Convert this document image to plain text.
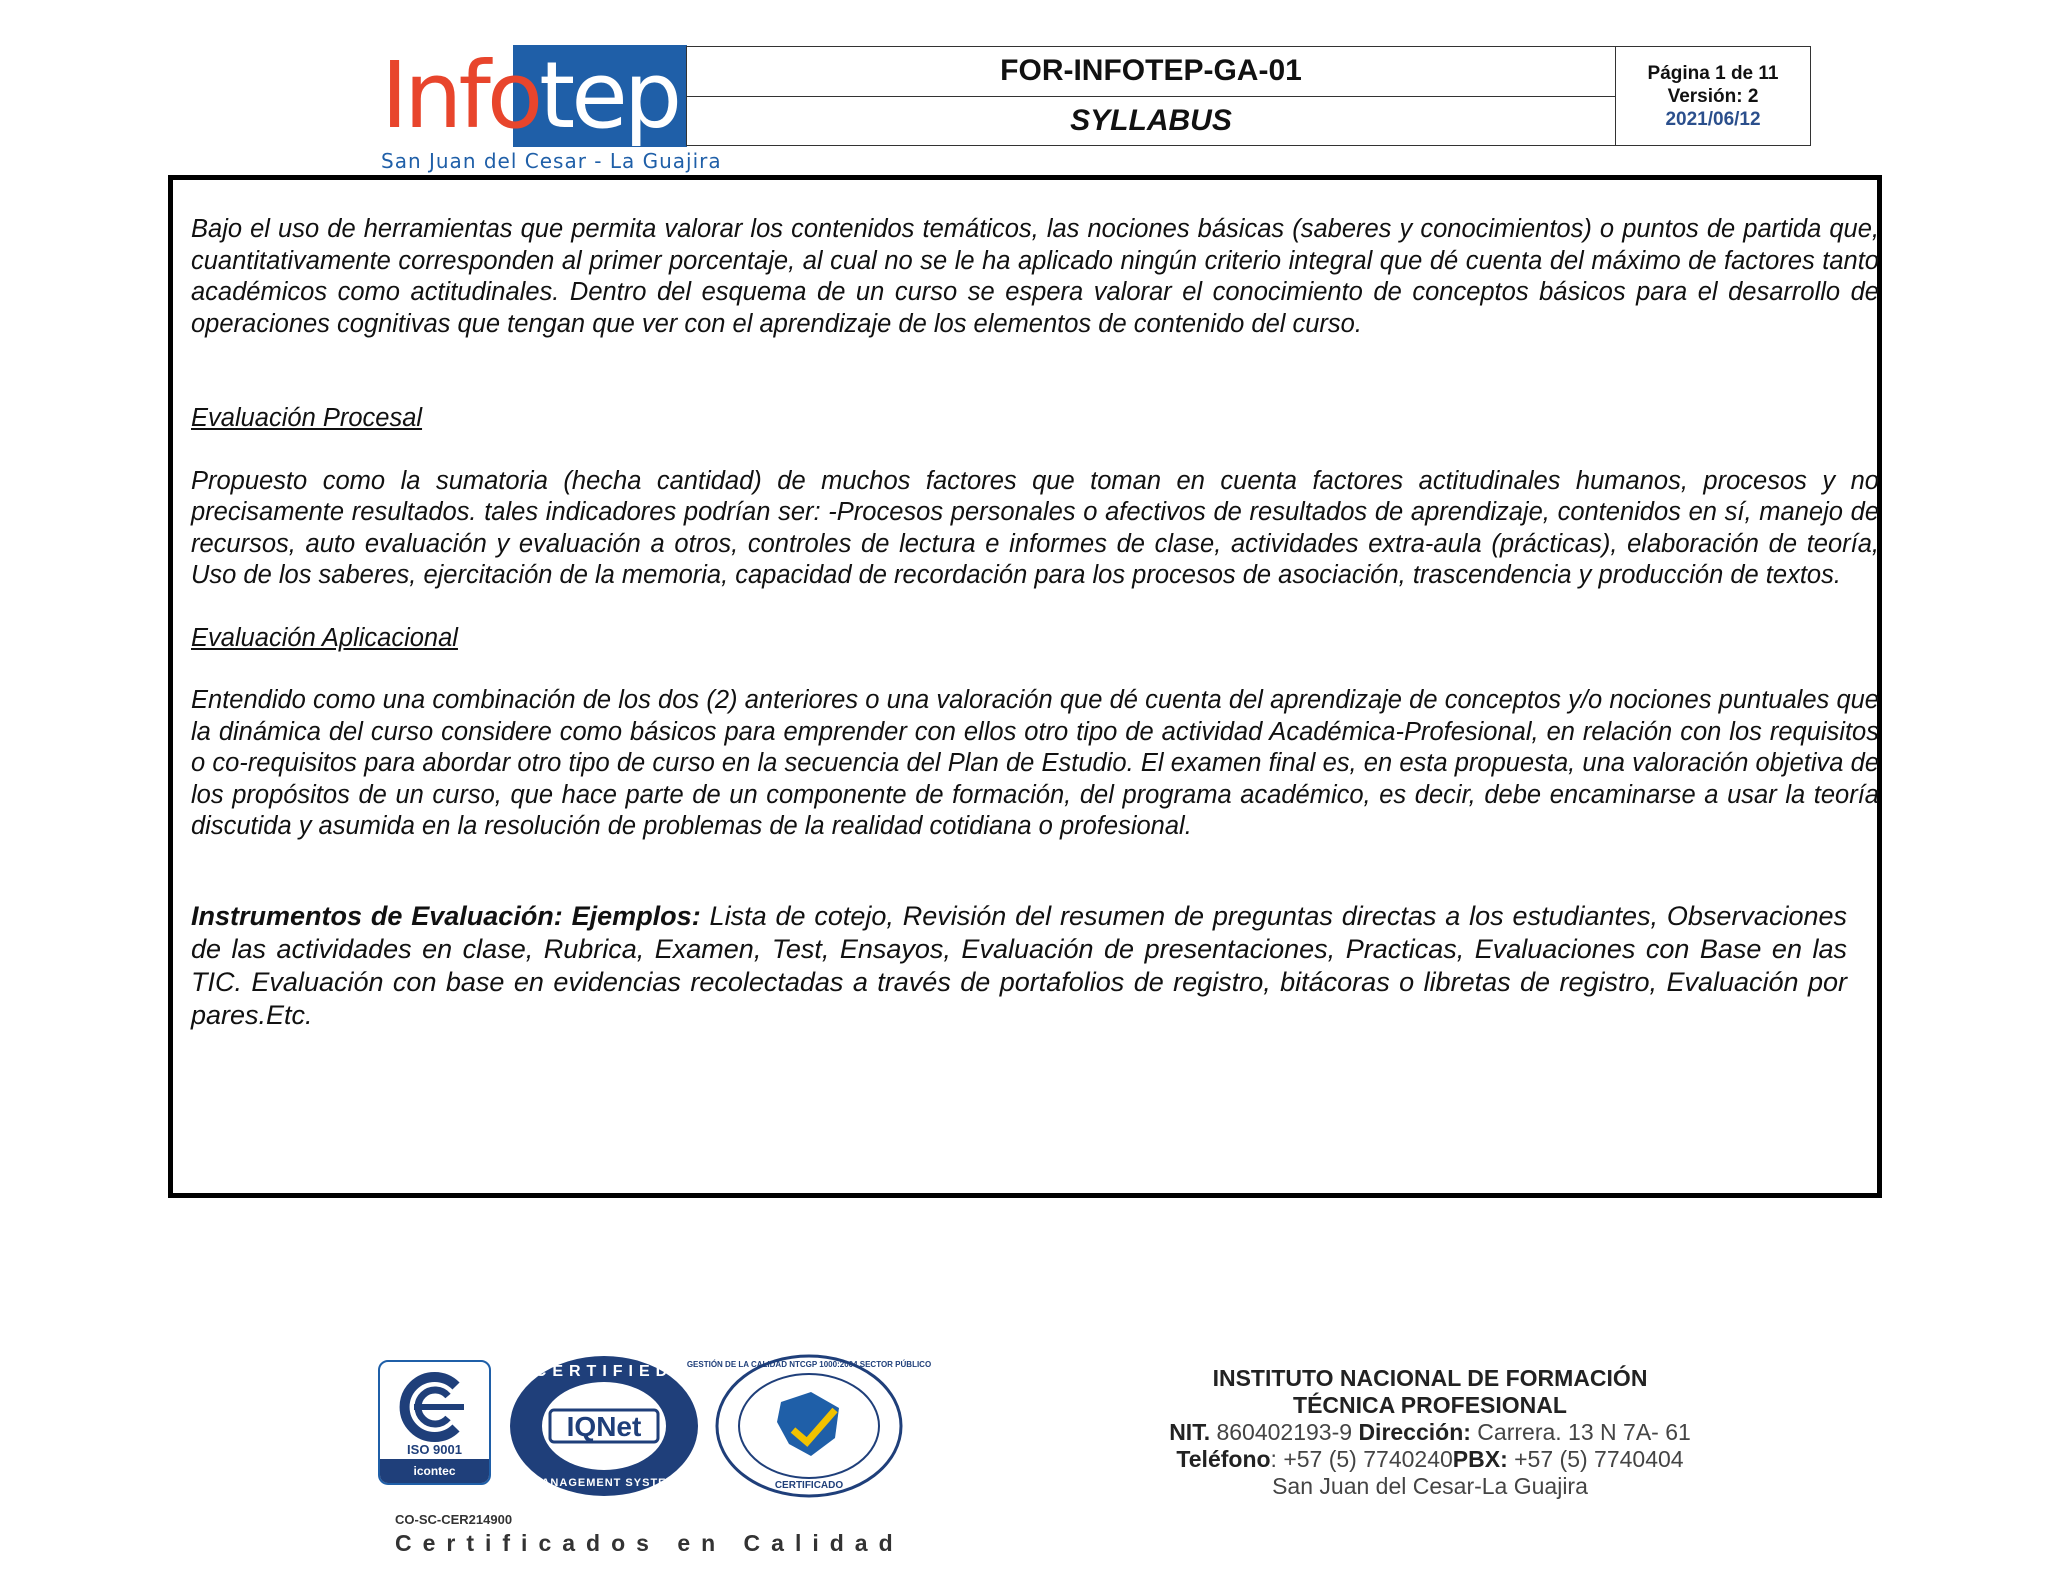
Infotep
San Juan del Cesar - La Guajira
FOR-INFOTEP-GA-01	Página 1 de 11
Versión: 2
2021/06/12

SYLLABUS

Bajo el uso de herramientas que permita valorar los contenidos temáticos, las nociones básicas (saberes y conocimientos) o puntos de partida que, cuantitativamente corresponden al primer porcentaje, al cual no se le ha aplicado ningún criterio integral que dé cuenta del máximo de factores tanto académicos como actitudinales. Dentro del esquema de un curso se espera valorar el conocimiento de conceptos básicos para el desarrollo de operaciones cognitivas que tengan que ver con el aprendizaje de los elementos de contenido del curso.

Evaluación Procesal

Propuesto como la sumatoria (hecha cantidad) de muchos factores que toman en cuenta factores actitudinales humanos, procesos y no precisamente resultados. tales indicadores podrían ser: -Procesos personales o afectivos de resultados de aprendizaje, contenidos en sí, manejo de recursos, auto evaluación y evaluación a otros, controles de lectura e informes de clase, actividades extra-aula (prácticas), elaboración de teoría, Uso de los saberes, ejercitación de la memoria, capacidad de recordación para los procesos de asociación, trascendencia y producción de textos.

Evaluación Aplicacional

Entendido como una combinación de los dos (2) anteriores o una valoración que dé cuenta del aprendizaje de conceptos y/o nociones puntuales que la dinámica del curso considere como básicos para emprender con ellos otro tipo de actividad Académica-Profesional, en relación con los requisitos o co-requisitos para abordar otro tipo de curso en la secuencia del Plan de Estudio. El examen final es, en esta propuesta, una valoración objetiva de los propósitos de un curso, que hace parte de un componente de formación, del programa académico, es decir, debe encaminarse a usar la teoría discutida y asumida en la resolución de problemas de la realidad cotidiana o profesional.

Instrumentos de Evaluación: Ejemplos: Lista de cotejo, Revisión del resumen de preguntas directas a los estudiantes, Observaciones de las actividades en clase, Rubrica, Examen, Test, Ensayos, Evaluación de presentaciones, Practicas, Evaluaciones con Base en las TIC. Evaluación con base en evidencias recolectadas a través de portafolios de registro, bitácoras o libretas de registro, Evaluación por pares.Etc.

ISO 9001
icontec
IQNet
CERTIFIED
MANAGEMENT SYSTEM
GESTIÓN DE LA CALIDAD NTCGP 1000:2004 SECTOR PÚBLICO
CERTIFICADO
CO-SC-CER214900
Certificados en Calidad
INSTITUTO NACIONAL DE FORMACIÓN
TÉCNICA PROFESIONAL
NIT. 860402193-9 Dirección: Carrera. 13 N 7A- 61
Teléfono: +57 (5) 7740240PBX: +57 (5) 7740404
San Juan del Cesar-La Guajira
